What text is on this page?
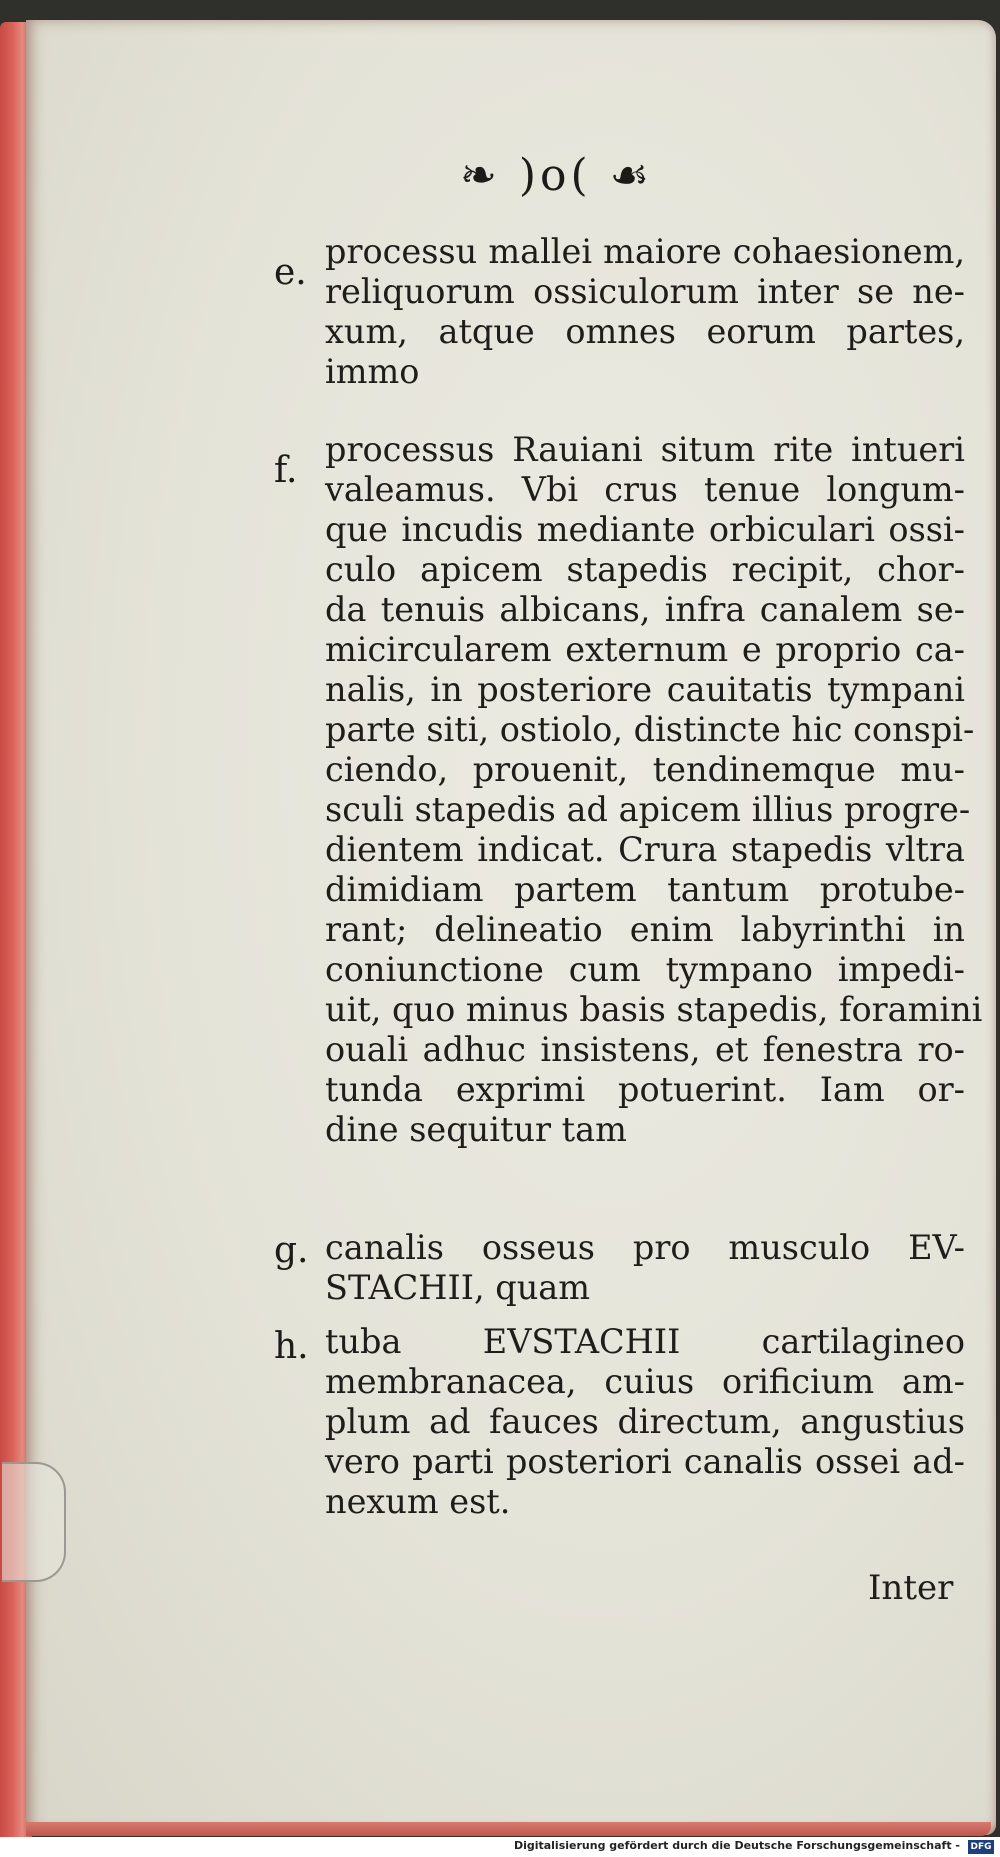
❧ )o( ☙
e.
processu mallei maiore cohaesionem,
reliquorum ossiculorum inter se ne-
xum, atque omnes eorum partes,
immo
f.
processus Rauiani situm rite intueri
valeamus. Vbi crus tenue longum-
que incudis mediante orbiculari ossi-
culo apicem stapedis recipit, chor-
da tenuis albicans, infra canalem se-
micircularem externum e proprio ca-
nalis, in posteriore cauitatis tympani
parte siti, ostiolo, distincte hic conspi-
ciendo, prouenit, tendinemque mu-
sculi stapedis ad apicem illius progre-
dientem indicat. Crura stapedis vltra
dimidiam partem tantum protube-
rant; delineatio enim labyrinthi in
coniunctione cum tympano impedi-
uit, quo minus basis stapedis, foramini
ouali adhuc insistens, et fenestra ro-
tunda exprimi potuerint. Iam or-
dine sequitur tam
g. canalis osseus pro musculo EV-
STACHII, quam
h. tuba EVSTACHII cartilagineo
membranacea, cuius orificium am-
plum ad fauces directum, angustius
vero parti posteriori canalis ossei ad-
nexum est.
Inter
Digitalisierung gefördert durch die Deutsche Forschungsgemeinschaft - DFG
